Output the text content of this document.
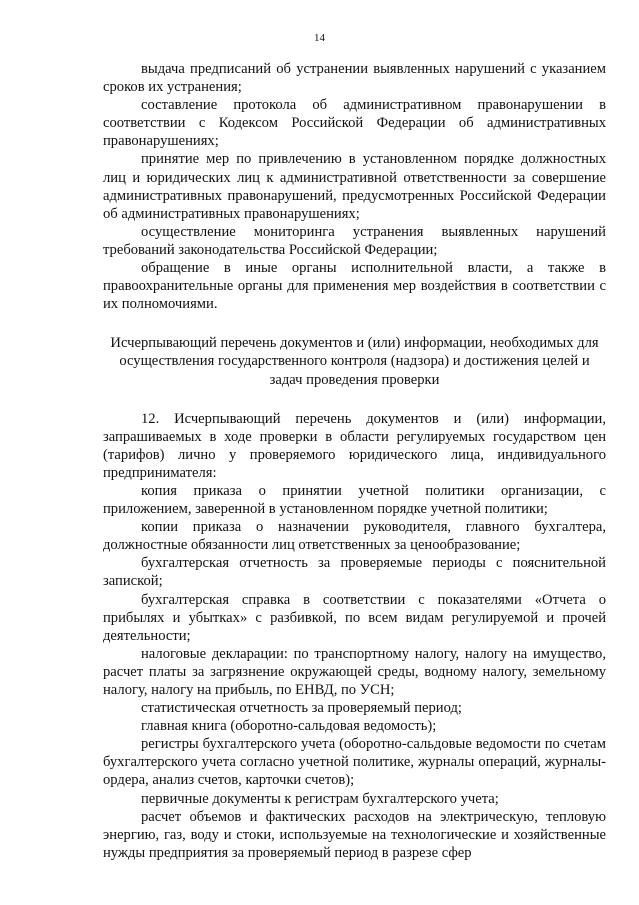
14

выдача предписаний об устранении выявленных нарушений с указанием сроков их устранения;

составление протокола об административном правонарушении в соответствии с Кодексом Российской Федерации об административных правонарушениях;

принятие мер по привлечению в установленном порядке должностных лиц и юридических лиц к административной ответственности за совершение административных правонарушений, предусмотренных Российской Федерации об административных правонарушениях;

осуществление мониторинга устранения выявленных нарушений требований законодательства Российской Федерации;

обращение в иные органы исполнительной власти, а также в правоохранительные органы для применения мер воздействия в соответствии с их полномочиями.

Исчерпывающий перечень документов и (или) информации, необходимых для осуществления государственного контроля (надзора) и достижения целей и задач проведения проверки

12. Исчерпывающий перечень документов и (или) информации, запрашиваемых в ходе проверки в области регулируемых государством цен (тарифов) лично у проверяемого юридического лица, индивидуального предпринимателя:

копия приказа о принятии учетной политики организации, с приложением, заверенной в установленном порядке учетной политики;

копии приказа о назначении руководителя, главного бухгалтера, должностные обязанности лиц ответственных за ценообразование;

бухгалтерская отчетность за проверяемые периоды с пояснительной запиской;

бухгалтерская справка в соответствии с показателями «Отчета о прибылях и убытках» с разбивкой, по всем видам регулируемой и прочей деятельности;

налоговые декларации: по транспортному налогу, налогу на имущество, расчет платы за загрязнение окружающей среды, водному налогу, земельному налогу, налогу на прибыль, по ЕНВД, по УСН;

статистическая отчетность за проверяемый период;

главная книга (оборотно-сальдовая ведомость);

регистры бухгалтерского учета (оборотно-сальдовые ведомости по счетам бухгалтерского учета согласно учетной политике, журналы операций, журналы-ордера, анализ счетов, карточки счетов);

первичные документы к регистрам бухгалтерского учета;

расчет объемов и фактических расходов на электрическую, тепловую энергию, газ, воду и стоки, используемые на технологические и хозяйственные нужды предприятия за проверяемый период в разрезе сфер
